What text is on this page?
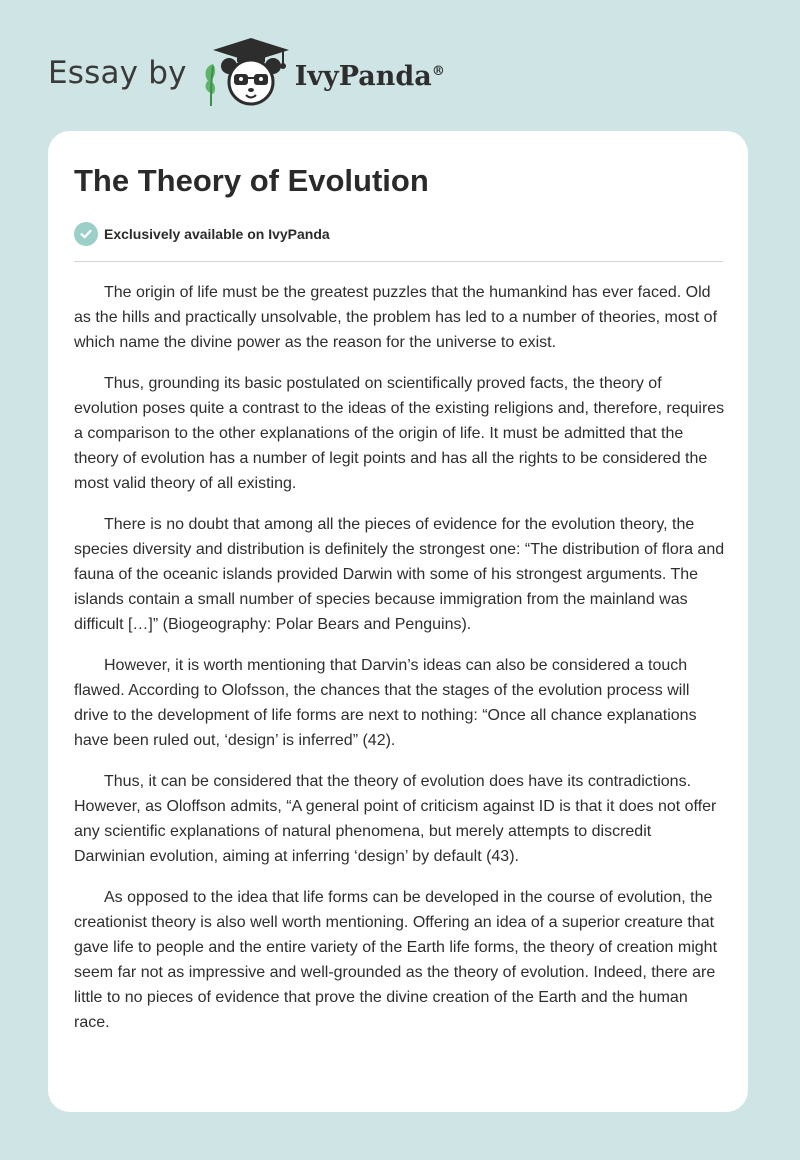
Essay by	IvyPanda®
The Theory of Evolution
Exclusively available on IvyPanda

The origin of life must be the greatest puzzles that the humankind has ever faced. Old as the hills and practically unsolvable, the problem has led to a number of theories, most of which name the divine power as the reason for the universe to exist.

Thus, grounding its basic postulated on scientifically proved facts, the theory of evolution poses quite a contrast to the ideas of the existing religions and, therefore, requires a comparison to the other explanations of the origin of life. It must be admitted that the theory of evolution has a number of legit points and has all the rights to be considered the most valid theory of all existing.

There is no doubt that among all the pieces of evidence for the evolution theory, the species diversity and distribution is definitely the strongest one: “The distribution of flora and fauna of the oceanic islands provided Darwin with some of his strongest arguments. The islands contain a small number of species because immigration from the mainland was difficult […]” (Biogeography: Polar Bears and Penguins).

However, it is worth mentioning that Darvin’s ideas can also be considered a touch flawed. According to Olofsson, the chances that the stages of the evolution process will drive to the development of life forms are next to nothing: “Once all chance explanations have been ruled out, ‘design’ is inferred” (42).

Thus, it can be considered that the theory of evolution does have its contradictions. However, as Oloffson admits, “A general point of criticism against ID is that it does not offer any scientific explanations of natural phenomena, but merely attempts to discredit Darwinian evolution, aiming at inferring ‘design’ by default (43).

As opposed to the idea that life forms can be developed in the course of evolution, the creationist theory is also well worth mentioning. Offering an idea of a superior creature that gave life to people and the entire variety of the Earth life forms, the theory of creation might seem far not as impressive and well-grounded as the theory of evolution. Indeed, there are little to no pieces of evidence that prove the divine creation of the Earth and the human race.
